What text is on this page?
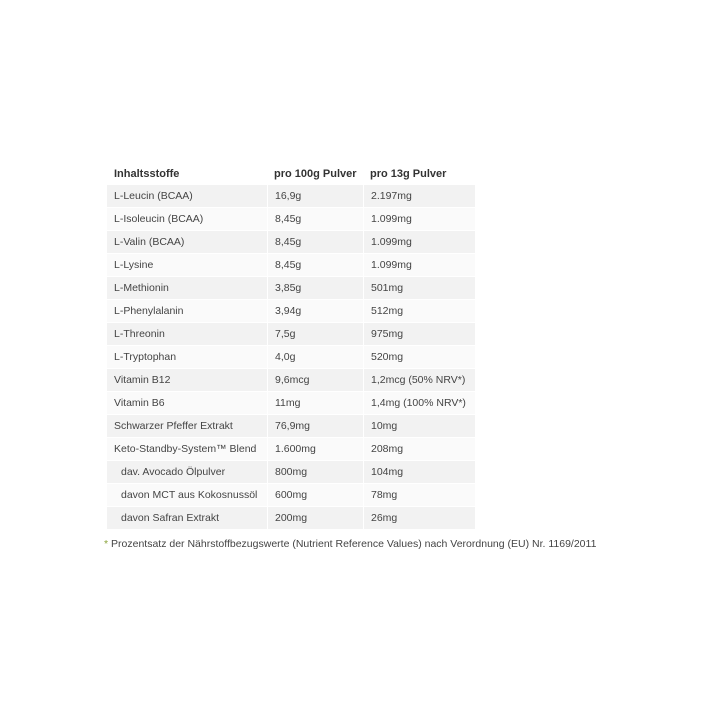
Inhaltsstoffe	pro 100g Pulver	pro 13g Pulver
L-Leucin (BCAA)	16,9g	2.197mg
L-Isoleucin (BCAA)	8,45g	1.099mg
L-Valin (BCAA)	8,45g	1.099mg
L-Lysine	8,45g	1.099mg
L-Methionin	3,85g	501mg
L-Phenylalanin	3,94g	512mg
L-Threonin	7,5g	975mg
L-Tryptophan	4,0g	520mg
Vitamin B12	9,6mcg	1,2mcg (50% NRV*)
Vitamin B6	11mg	1,4mg (100% NRV*)
Schwarzer Pfeffer Extrakt	76,9mg	10mg
Keto-Standby-System™ Blend	1.600mg	208mg
dav. Avocado Ölpulver	800mg	104mg
davon MCT aus Kokosnussöl	600mg	78mg
davon Safran Extrakt	200mg	26mg
* Prozentsatz der Nährstoffbezugswerte (Nutrient Reference Values) nach Verordnung (EU) Nr. 1169/2011
